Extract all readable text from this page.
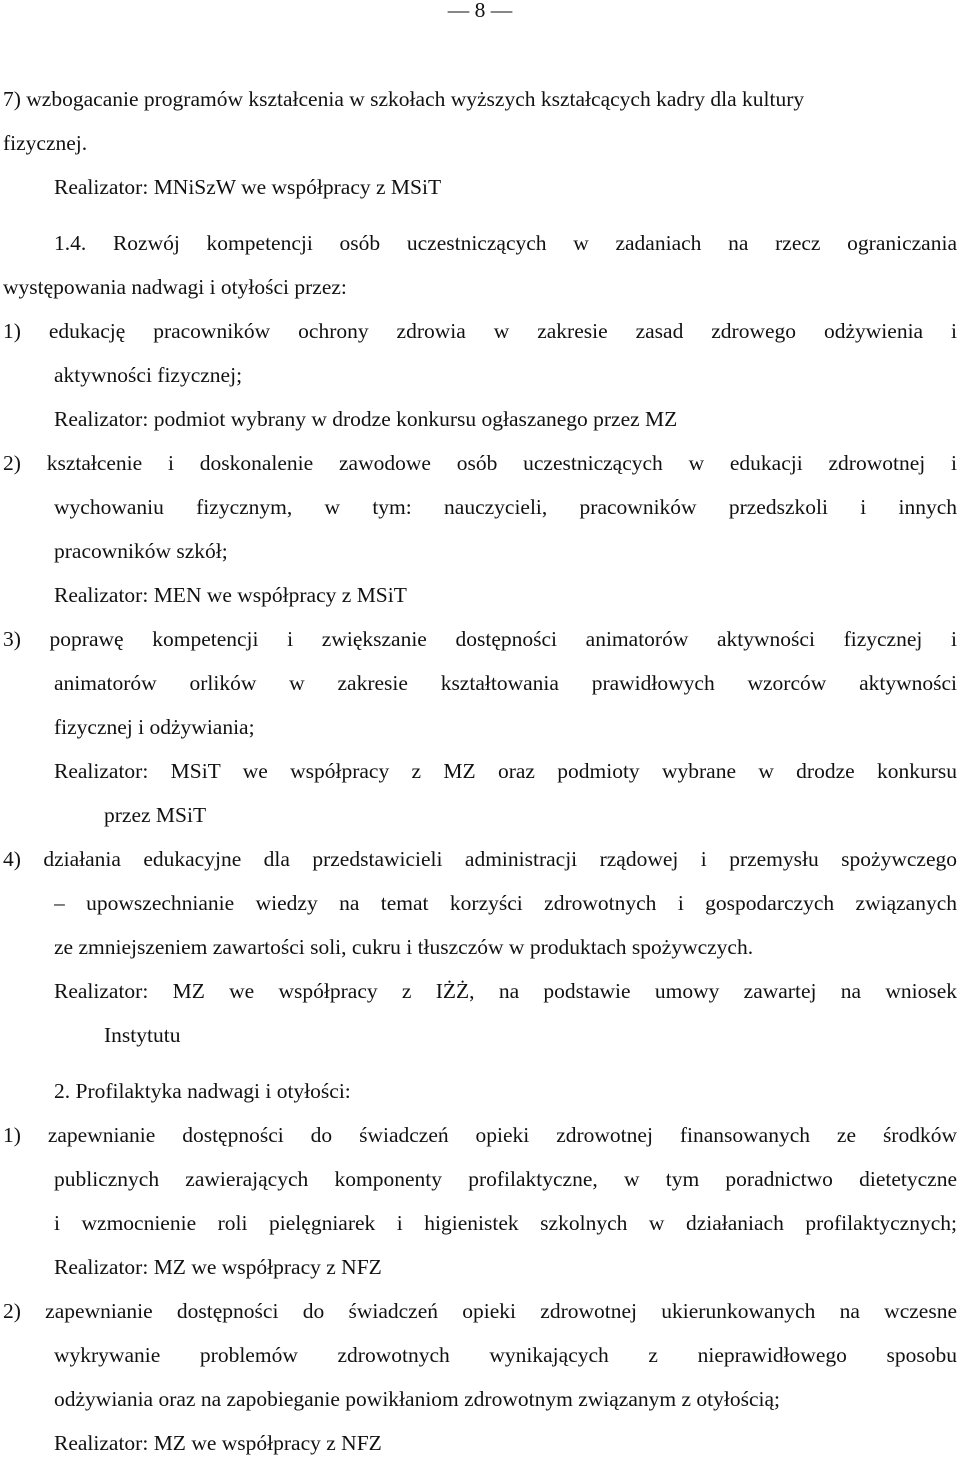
— 8 —
7) wzbogacanie programów kształcenia w szkołach wyższych kształcących kadry dla kultury
fizycznej.
Realizator: MNiSzW we współpracy z MSiT
1.4. Rozwój kompetencji osób uczestniczących w zadaniach na rzecz ograniczania
występowania nadwagi i otyłości przez:
1) edukację pracowników ochrony zdrowia w zakresie zasad zdrowego odżywienia i
aktywności fizycznej;
Realizator: podmiot wybrany w drodze konkursu ogłaszanego przez MZ
2) kształcenie i doskonalenie zawodowe osób uczestniczących w edukacji zdrowotnej i
wychowaniu fizycznym, w tym: nauczycieli, pracowników przedszkoli i innych
pracowników szkół;
Realizator: MEN we współpracy z MSiT
3) poprawę kompetencji i zwiększanie dostępności animatorów aktywności fizycznej i
animatorów orlików w zakresie kształtowania prawidłowych wzorców aktywności
fizycznej i odżywiania;
Realizator: MSiT we współpracy z MZ oraz podmioty wybrane w drodze konkursu
przez MSiT
4) działania edukacyjne dla przedstawicieli administracji rządowej i przemysłu spożywczego
– upowszechnianie wiedzy na temat korzyści zdrowotnych i gospodarczych związanych
ze zmniejszeniem zawartości soli, cukru i tłuszczów w produktach spożywczych.
Realizator: MZ we współpracy z IŻŻ, na podstawie umowy zawartej na wniosek
Instytutu
2. Profilaktyka nadwagi i otyłości:
1) zapewnianie dostępności do świadczeń opieki zdrowotnej finansowanych ze środków
publicznych zawierających komponenty profilaktyczne, w tym poradnictwo dietetyczne
i wzmocnienie roli pielęgniarek i higienistek szkolnych w działaniach profilaktycznych;
Realizator: MZ we współpracy z NFZ
2) zapewnianie dostępności do świadczeń opieki zdrowotnej ukierunkowanych na wczesne
wykrywanie problemów zdrowotnych wynikających z nieprawidłowego sposobu
odżywiania oraz na zapobieganie powikłaniom zdrowotnym związanym z otyłością;
Realizator: MZ we współpracy z NFZ
